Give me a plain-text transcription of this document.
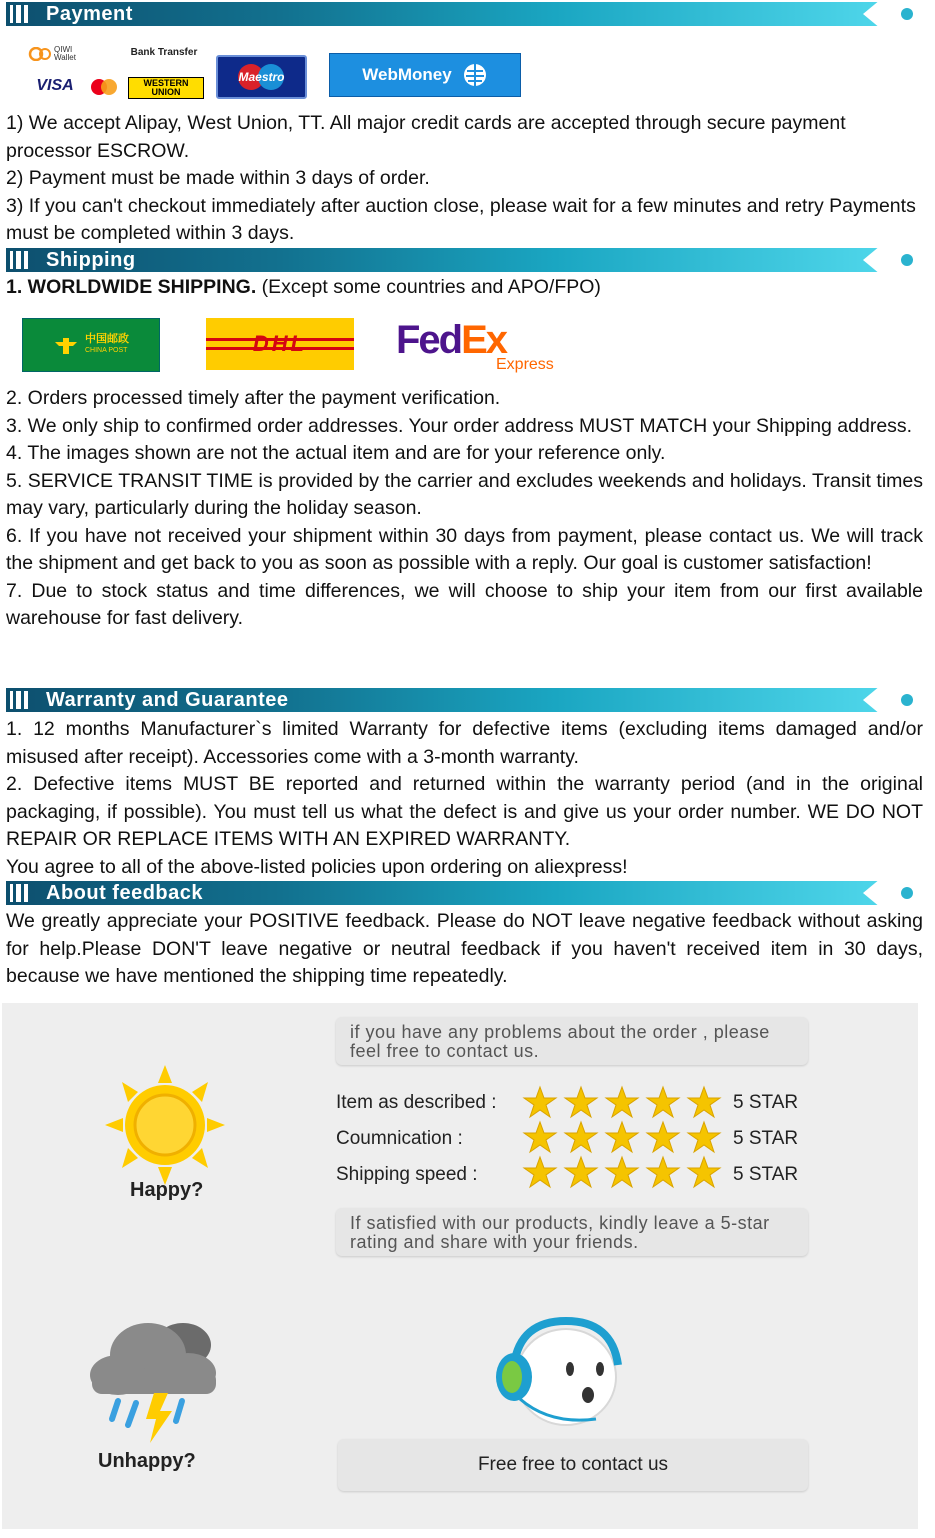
Payment
QIWI Wallet	Bank Transfer
VISA	WESTERN UNION
Maestro	WebMoney

1) We accept Alipay, West Union, TT. All major credit cards are accepted through secure payment processor ESCROW.

2) Payment must be made within 3 days of order.

3) If you can't checkout immediately after auction close, please wait for a few minutes and retry Payments must be completed within 3 days.

Shipping

1. WORLDWIDE SHIPPING. (Except some countries and APO/FPO)

中国邮政
CHINA POST	DHL Fed Ex
Express

2. Orders processed timely after the payment verification.

3. We only ship to confirmed order addresses. Your order address MUST MATCH your Shipping address.

4. The images shown are not the actual item and are for your reference only.

5. SERVICE TRANSIT TIME is provided by the carrier and excludes weekends and holidays. Transit times may vary, particularly during the holiday season.

6. If you have not received your shipment within 30 days from payment, please contact us. We will track the shipment and get back to you as soon as possible with a reply. Our goal is customer satisfaction!

7. Due to stock status and time differences, we will choose to ship your item from our first available warehouse for fast delivery.

Warranty and Guarantee

1. 12 months Manufacturer`s limited Warranty for defective items (excluding items damaged and/or misused after receipt). Accessories come with a 3-month warranty.

2. Defective items MUST BE reported and returned within the warranty period (and in the original packaging, if possible). You must tell us what the defect is and give us your order number. WE DO NOT REPAIR OR REPLACE ITEMS WITH AN EXPIRED WARRANTY.

You agree to all of the above-listed policies upon ordering on aliexpress!

About feedback

We greatly appreciate your POSITIVE feedback. Please do NOT leave negative feedback without asking for help.Please DON'T leave negative or neutral feedback if you haven't received item in 30 days, because we have mentioned the shipping time repeatedly.

if you have any problems about the order , please feel free to contact us.
Happy?
Item as described :	5 STAR
Coumnication :	5 STAR
Shipping speed :	5 STAR
If satisfied with our products, kindly leave a 5-star rating and share with your friends.
Unhappy?	Free free to contact us
